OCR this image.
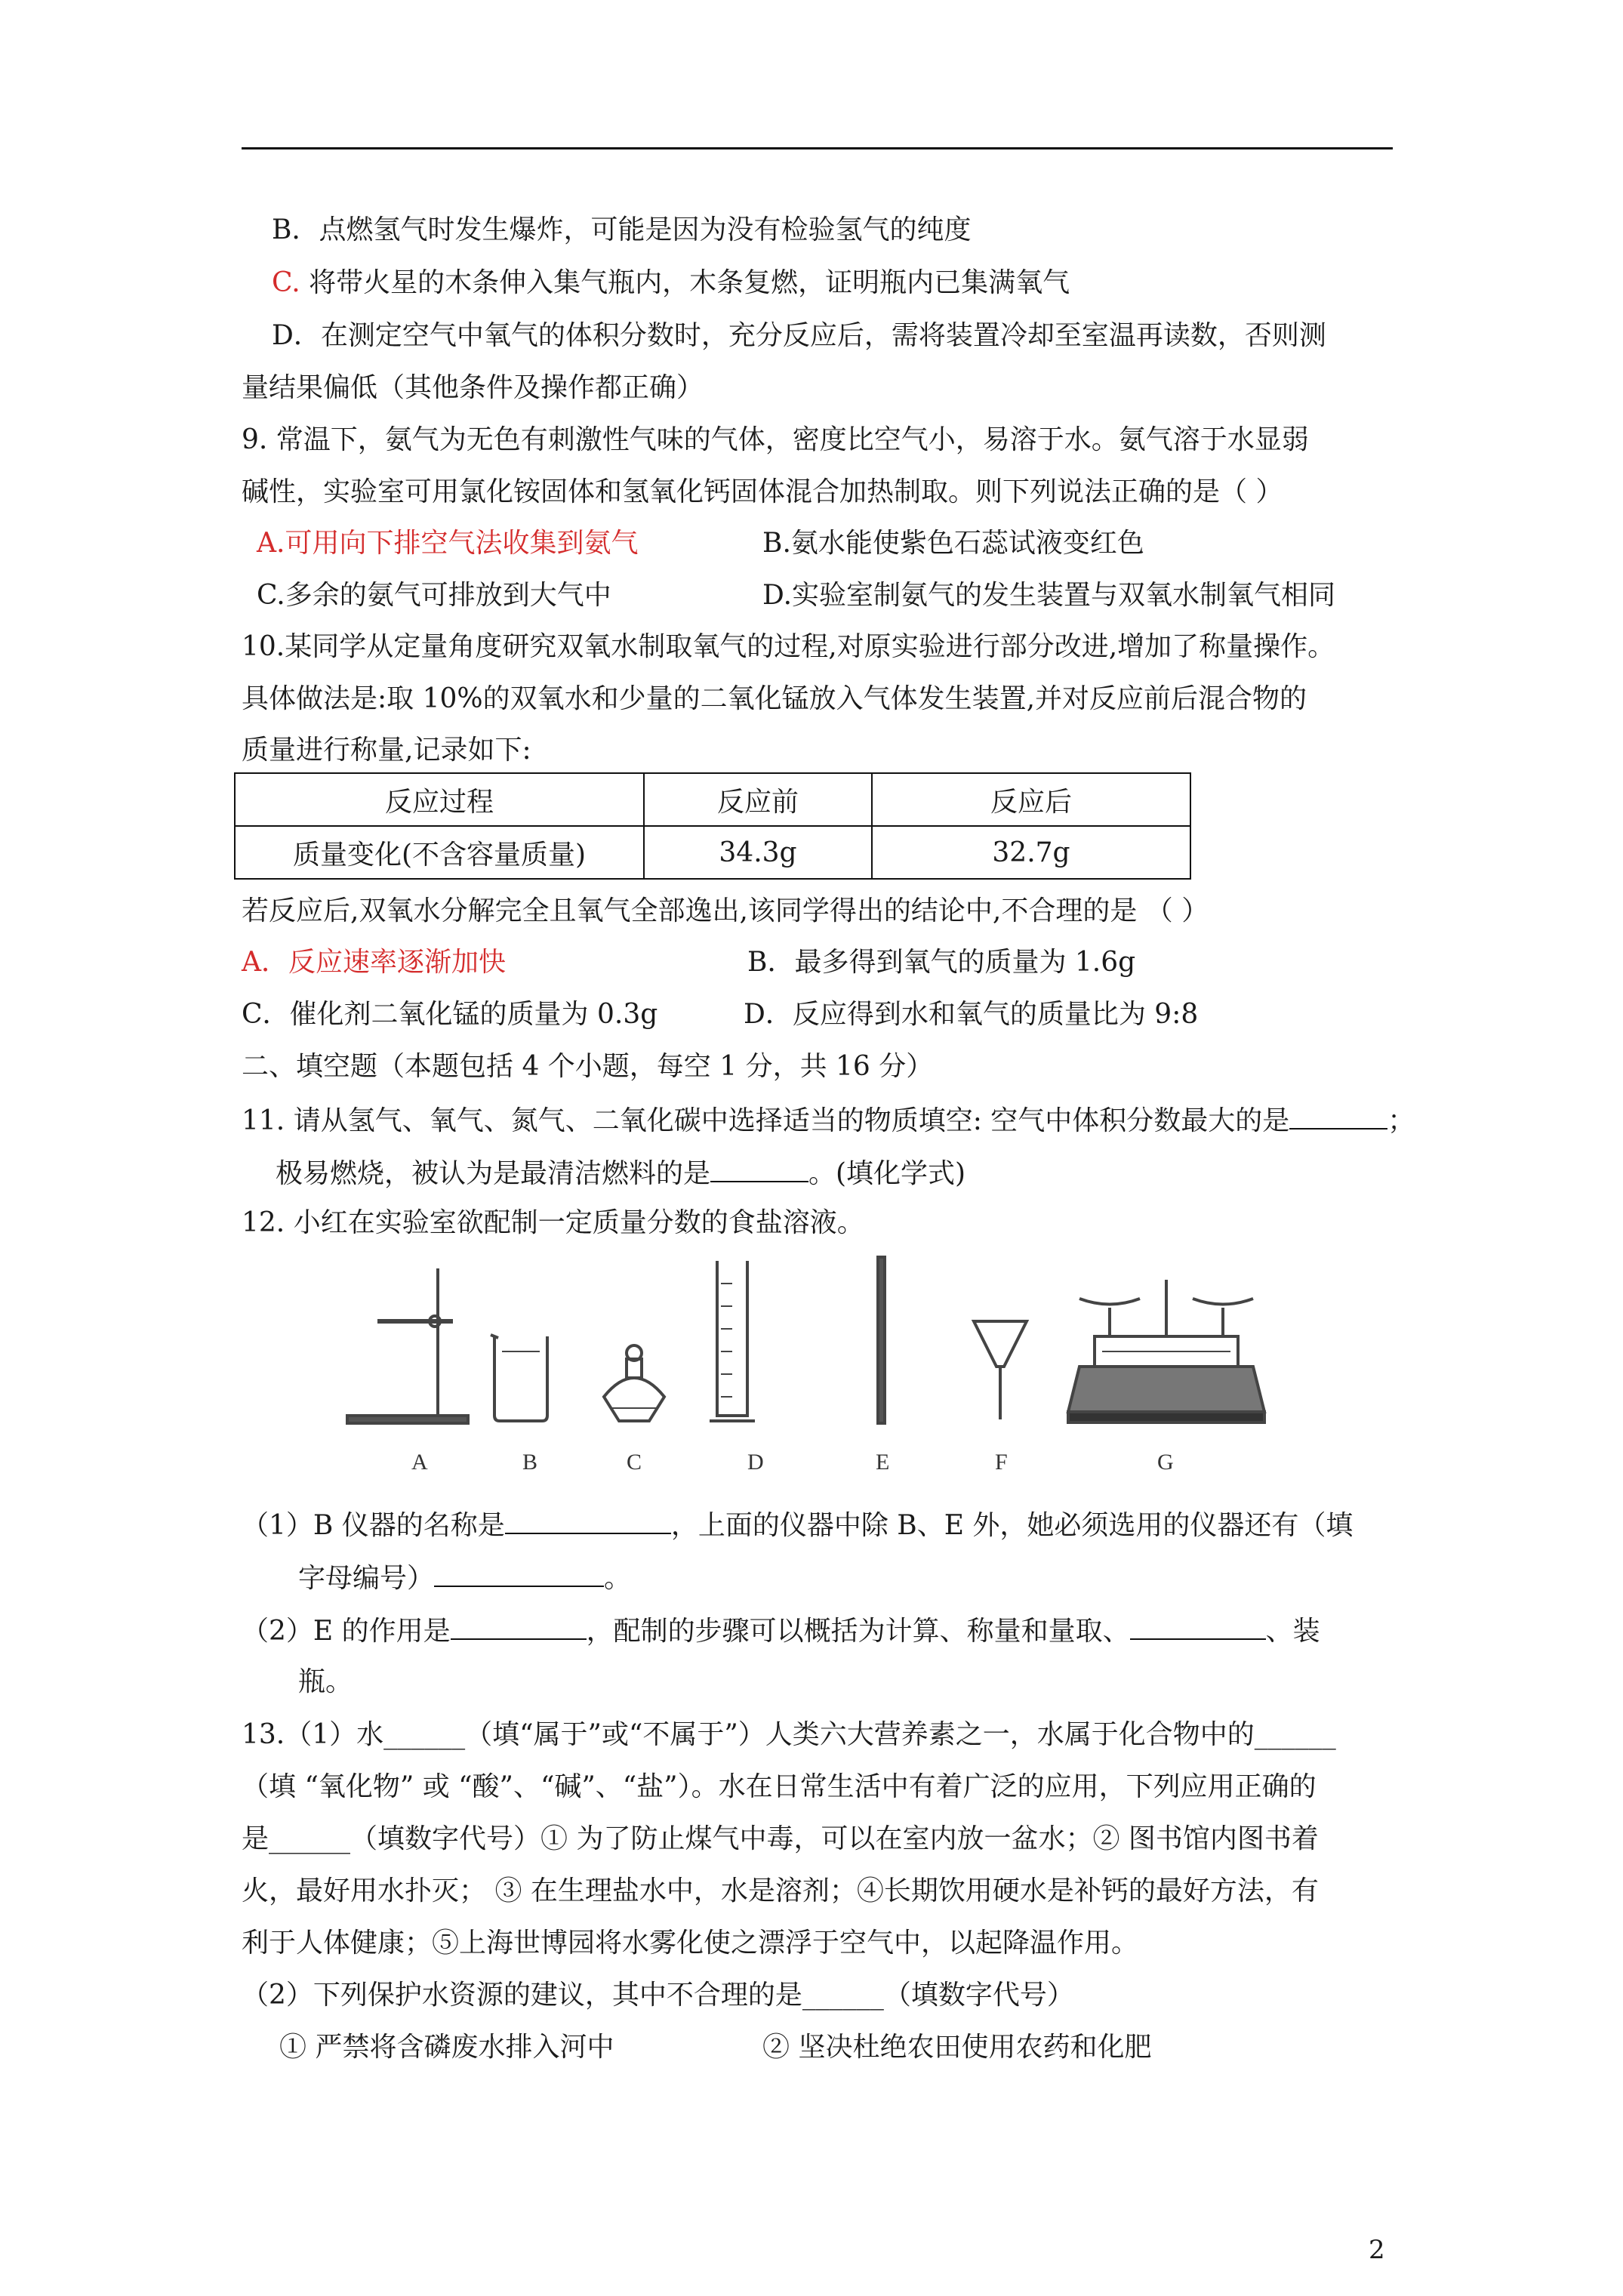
B．点燃氢气时发生爆炸，可能是因为没有检验氢气的纯度
C. 将带火星的木条伸入集气瓶内，木条复燃，证明瓶内已集满氧气
D．在测定空气中氧气的体积分数时，充分反应后，需将装置冷却至室温再读数，否则测
量结果偏低（其他条件及操作都正确）
9. 常温下，氨气为无色有刺激性气味的气体，密度比空气小，易溶于水。氨气溶于水显弱
碱性，实验室可用氯化铵固体和氢氧化钙固体混合加热制取。则下列说法正确的是（ ）
A.可用向下排空气法收集到氨气	B.氨水能使紫色石蕊试液变红色
C.多余的氨气可排放到大气中	D.实验室制氨气的发生装置与双氧水制氧气相同
10.某同学从定量角度研究双氧水制取氧气的过程,对原实验进行部分改进,增加了称量操作。
具体做法是:取 10%的双氧水和少量的二氧化锰放入气体发生装置,并对反应前后混合物的
质量进行称量,记录如下:
反应过程	反应前	反应后
质量变化(不含容量质量)	34.3g	32.7g
若反应后,双氧水分解完全且氧气全部逸出,该同学得出的结论中,不合理的是 （ ）
A．反应速率逐渐加快	B．最多得到氧气的质量为 1.6g
C．催化剂二氧化锰的质量为 0.3g	D．反应得到水和氧气的质量比为 9:8
二、填空题（本题包括 4 个小题，每空 1 分，共 16 分）
11. 请从氢气、氧气、氮气、二氧化碳中选择适当的物质填空: 空气中体积分数最大的是	；
极易燃烧，被认为是最清洁燃料的是	。(填化学式)
12. 小红在实验室欲配制一定质量分数的食盐溶液。
A	B	C	D	E	F	G
（1）B 仪器的名称是	，上面的仪器中除 B、E 外，她必须选用的仪器还有（填
字母编号）	。
（2）E 的作用是	，配制的步骤可以概括为计算、称量和量取、	、装
瓶。
13.（1）水______（填“属于”或“不属于”）人类六大营养素之一，水属于化合物中的______
（填 “氧化物” 或 “酸”、“碱”、“盐”）。水在日常生活中有着广泛的应用，下列应用正确的
是______（填数字代号）① 为了防止煤气中毒，可以在室内放一盆水；② 图书馆内图书着
火，最好用水扑灭； ③ 在生理盐水中，水是溶剂；④长期饮用硬水是补钙的最好方法，有
利于人体健康；⑤上海世博园将水雾化使之漂浮于空气中，以起降温作用。
（2）下列保护水资源的建议，其中不合理的是______（填数字代号）
① 严禁将含磷废水排入河中	② 坚决杜绝农田使用农药和化肥
2
